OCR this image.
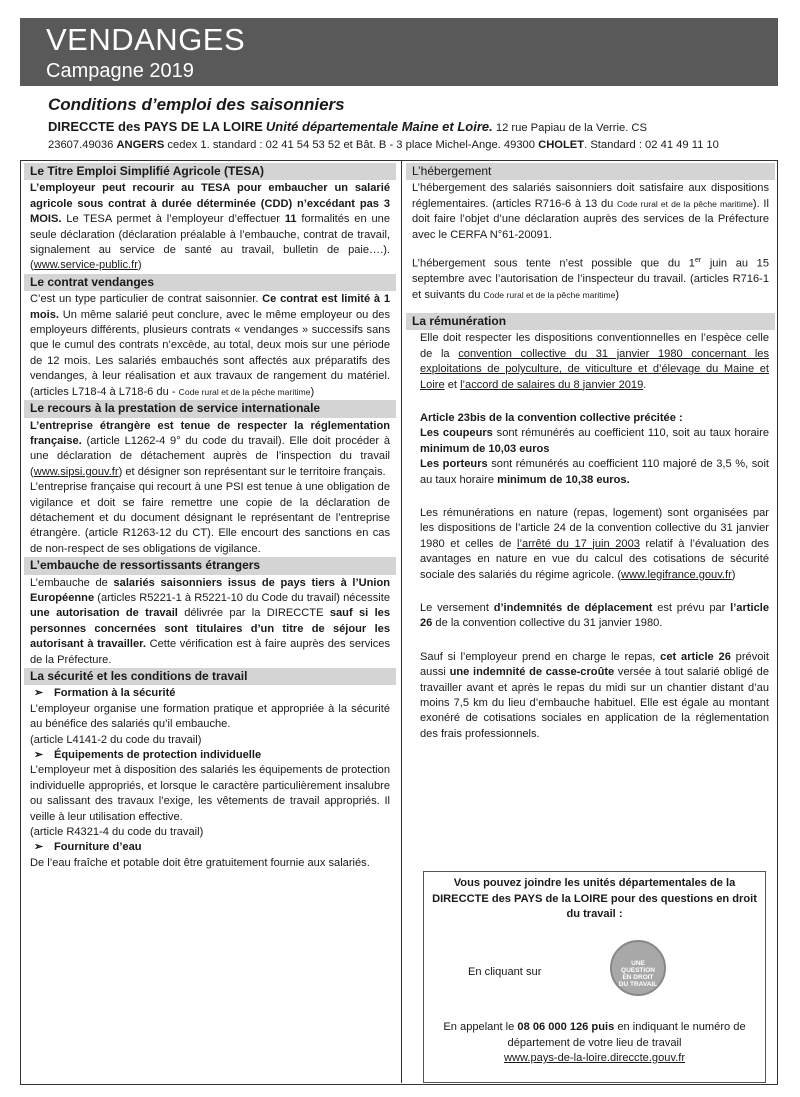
VENDANGES
Campagne 2019
Conditions d’emploi des saisonniers
DIRECCTE des PAYS DE LA LOIRE Unité départementale Maine et Loire. 12 rue Papiau de la Verrie. CS
23607.49036 ANGERS cedex 1. standard : 02 41 54 53 52 et Bât. B - 3 place Michel-Ange. 49300 CHOLET. Standard : 02 41 49 11 10
Le Titre Emploi Simplifié Agricole (TESA)

L’employeur peut recourir au TESA pour embaucher un salarié agricole sous contrat à durée déterminée (CDD) n’excédant pas 3 MOIS. Le TESA permet à l’employeur d’effectuer 11 formalités en une seule déclaration (déclaration préalable à l’embauche, contrat de travail, signalement au service de santé au travail, bulletin de paie….). (www.service-public.fr)

Le contrat vendanges

C’est un type particulier de contrat saisonnier. Ce contrat est limité à 1 mois. Un même salarié peut conclure, avec le même employeur ou des employeurs différents, plusieurs contrats « vendanges » successifs sans que le cumul des contrats n’excède, au total, deux mois sur une période de 12 mois. Les salariés embauchés sont affectés aux préparatifs des vendanges, à leur réalisation et aux travaux de rangement du matériel. (articles L718-4 à L718-6 du - Code rural et de la pêche maritime)

Le recours à la prestation de service internationale

L’entreprise étrangère est tenue de respecter la réglementation française. (article L1262-4 9° du code du travail). Elle doit procéder à une déclaration de détachement auprès de l’inspection du travail (www.sipsi.gouv.fr) et désigner son représentant sur le territoire français.

L’entreprise française qui recourt à une PSI est tenue à une obligation de vigilance et doit se faire remettre une copie de la déclaration de détachement et du document désignant le représentant de l’entreprise étrangère. (article R1263-12 du CT). Elle encourt des sanctions en cas de non-respect de ses obligations de vigilance.

L’embauche de ressortissants étrangers

L’embauche de salariés saisonniers issus de pays tiers à l’Union Européenne (articles R5221-1 à R5221-10 du Code du travail) nécessite une autorisation de travail délivrée par la DIRECCTE sauf si les personnes concernées sont titulaires d’un titre de séjour les autorisant à travailler. Cette vérification est à faire auprès des services de la Préfecture.

La sécurité et les conditions de travail

➢ Formation à la sécurité

L’employeur organise une formation pratique et appropriée à la sécurité au bénéfice des salariés qu’il embauche.

(article L4141-2 du code du travail)

➢ Équipements de protection individuelle

L’employeur met à disposition des salariés les équipements de protection individuelle appropriés, et lorsque le caractère particulièrement insalubre ou salissant des travaux l’exige, les vêtements de travail appropriés. Il veille à leur utilisation effective.

(article R4321-4 du code du travail)

➢ Fourniture d’eau

De l’eau fraîche et potable doit être gratuitement fournie aux salariés.

L’hébergement

L’hébergement des salariés saisonniers doit satisfaire aux dispositions réglementaires. (articles R716-6 à 13 du Code rural et de la pêche maritime). Il doit faire l’objet d’une déclaration auprès des services de la Préfecture avec le CERFA N°61-20091.

L’hébergement sous tente n’est possible que du 1er juin au 15 septembre avec l’autorisation de l’inspecteur du travail. (articles R716-1 et suivants du Code rural et de la pêche maritime)

La rémunération

Elle doit respecter les dispositions conventionnelles en l’espèce celle de la convention collective du 31 janvier 1980 concernant les exploitations de polyculture, de viticulture et d’élevage du Maine et Loire et l’accord de salaires du 8 janvier 2019.

Article 23bis de la convention collective précitée :

Les coupeurs sont rémunérés au coefficient 110, soit au taux horaire minimum de 10,03 euros

Les porteurs sont rémunérés au coefficient 110 majoré de 3,5 %, soit au taux horaire minimum de 10,38 euros.

Les rémunérations en nature (repas, logement) sont organisées par les dispositions de l’article 24 de la convention collective du 31 janvier 1980 et celles de l’arrêté du 17 juin 2003 relatif à l’évaluation des avantages en nature en vue du calcul des cotisations de sécurité sociale des salariés du régime agricole. (www.legifrance.gouv.fr)

Le versement d’indemnités de déplacement est prévu par l’article 26 de la convention collective du 31 janvier 1980.

Sauf si l’employeur prend en charge le repas, cet article 26 prévoit aussi une indemnité de casse-croûte versée à tout salarié obligé de travailler avant et après le repas du midi sur un chantier distant d’au moins 7,5 km du lieu d’embauche habituel. Elle est égale au montant exonéré de cotisations sociales en application de la réglementation des frais professionnels.

Vous pouvez joindre les unités départementales de la DIRECCTE des PAYS de la LOIRE pour des questions en droit du travail :
En cliquant sur
UNE QUESTION EN DROIT DU TRAVAIL
En appelant le 08 06 000 126 puis en indiquant le numéro de département de votre lieu de travail
www.pays-de-la-loire.direccte.gouv.fr
